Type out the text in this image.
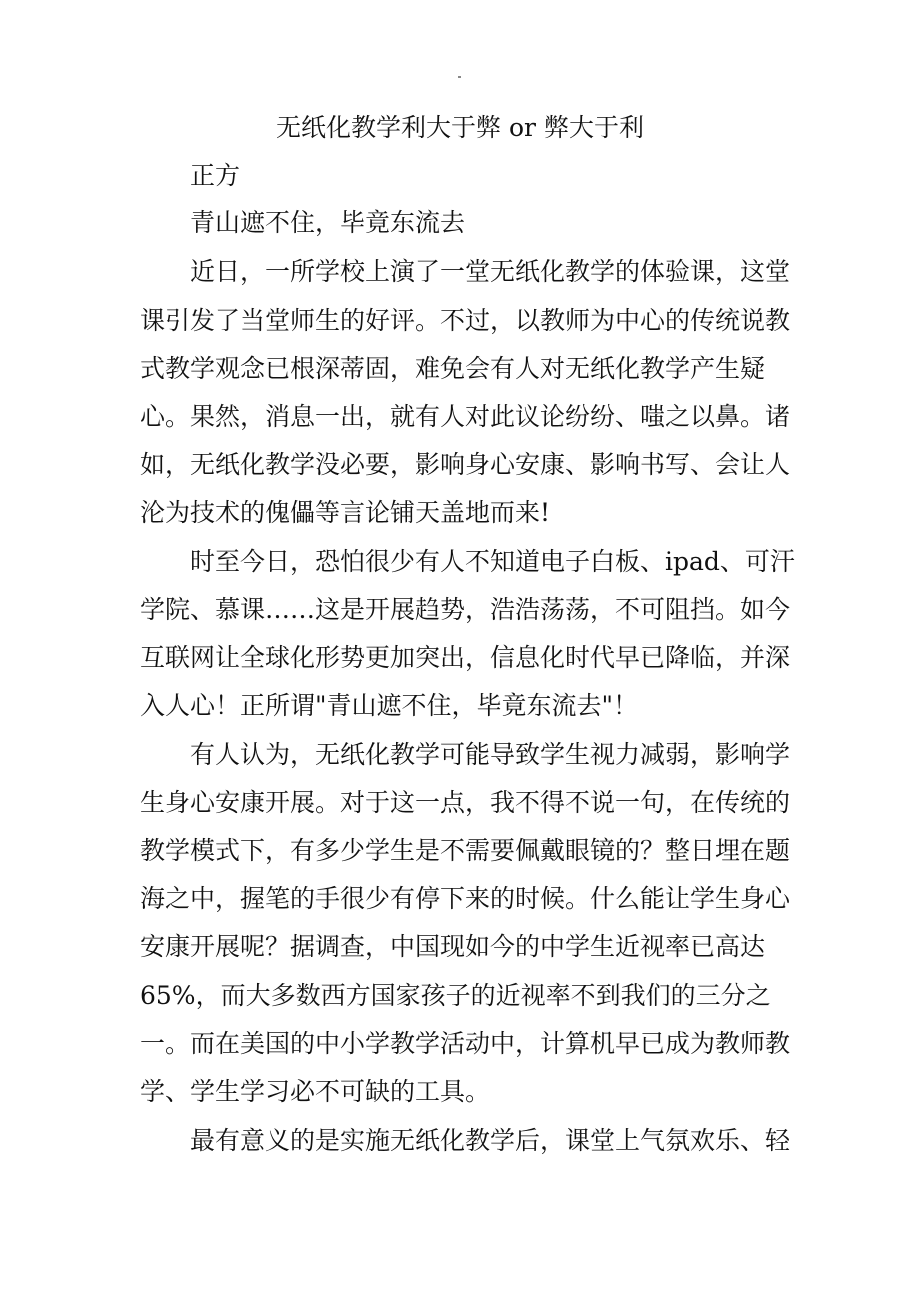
无纸化教学利大于弊 or 弊大于利
正方
青山遮不住，毕竟东流去
近日，一所学校上演了一堂无纸化教学的体验课，这堂
课引发了当堂师生的好评。不过，以教师为中心的传统说教
式教学观念已根深蒂固，难免会有人对无纸化教学产生疑
心。果然，消息一出，就有人对此议论纷纷、嗤之以鼻。诸
如，无纸化教学没必要，影响身心安康、影响书写、会让人
沦为技术的傀儡等言论铺天盖地而来!
时至今日，恐怕很少有人不知道电子白板、ipad、可汗
学院、慕课……这是开展趋势，浩浩荡荡，不可阻挡。如今
互联网让全球化形势更加突出，信息化时代早已降临，并深
入人心！正所谓"青山遮不住，毕竟东流去"！
有人认为，无纸化教学可能导致学生视力减弱，影响学
生身心安康开展。对于这一点，我不得不说一句，在传统的
教学模式下，有多少学生是不需要佩戴眼镜的？整日埋在题
海之中，握笔的手很少有停下来的时候。什么能让学生身心
安康开展呢？据调查，中国现如今的中学生近视率已高达
65%，而大多数西方国家孩子的近视率不到我们的三分之
一。而在美国的中小学教学活动中，计算机早已成为教师教
学、学生学习必不可缺的工具。
最有意义的是实施无纸化教学后，课堂上气氛欢乐、轻
